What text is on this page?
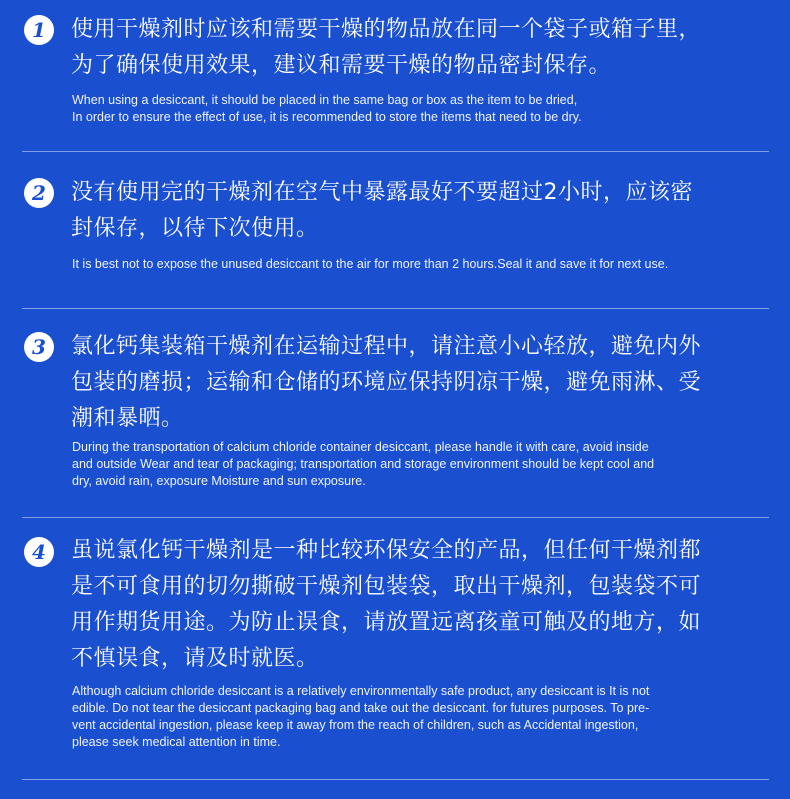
1	使用干燥剂时应该和需要干燥的物品放在同一个袋子或箱子里，
为了确保使用效果，建议和需要干燥的物品密封保存。
When using a desiccant, it should be placed in the same bag or box as the item to be dried,
In order to ensure the effect of use, it is recommended to store the items that need to be dry.
2	没有使用完的干燥剂在空气中暴露最好不要超过2小时，应该密
封保存，以待下次使用。
It is best not to expose the unused desiccant to the air for more than 2 hours.Seal it and save it for next use.
3	氯化钙集装箱干燥剂在运输过程中，请注意小心轻放，避免内外
包装的磨损；运输和仓储的环境应保持阴凉干燥，避免雨淋、受
潮和暴晒。
During the transportation of calcium chloride container desiccant, please handle it with care, avoid inside
and outside Wear and tear of packaging; transportation and storage environment should be kept cool and
dry, avoid rain, exposure Moisture and sun exposure.
4	虽说氯化钙干燥剂是一种比较环保安全的产品，但任何干燥剂都
是不可食用的切勿撕破干燥剂包装袋，取出干燥剂，包装袋不可
用作期货用途。为防止误食，请放置远离孩童可触及的地方，如
不慎误食，请及时就医。
Although calcium chloride desiccant is a relatively environmentally safe product, any desiccant is It is not
edible. Do not tear the desiccant packaging bag and take out the desiccant. for futures purposes. To pre-
vent accidental ingestion, please keep it away from the reach of children, such as Accidental ingestion,
please seek medical attention in time.
